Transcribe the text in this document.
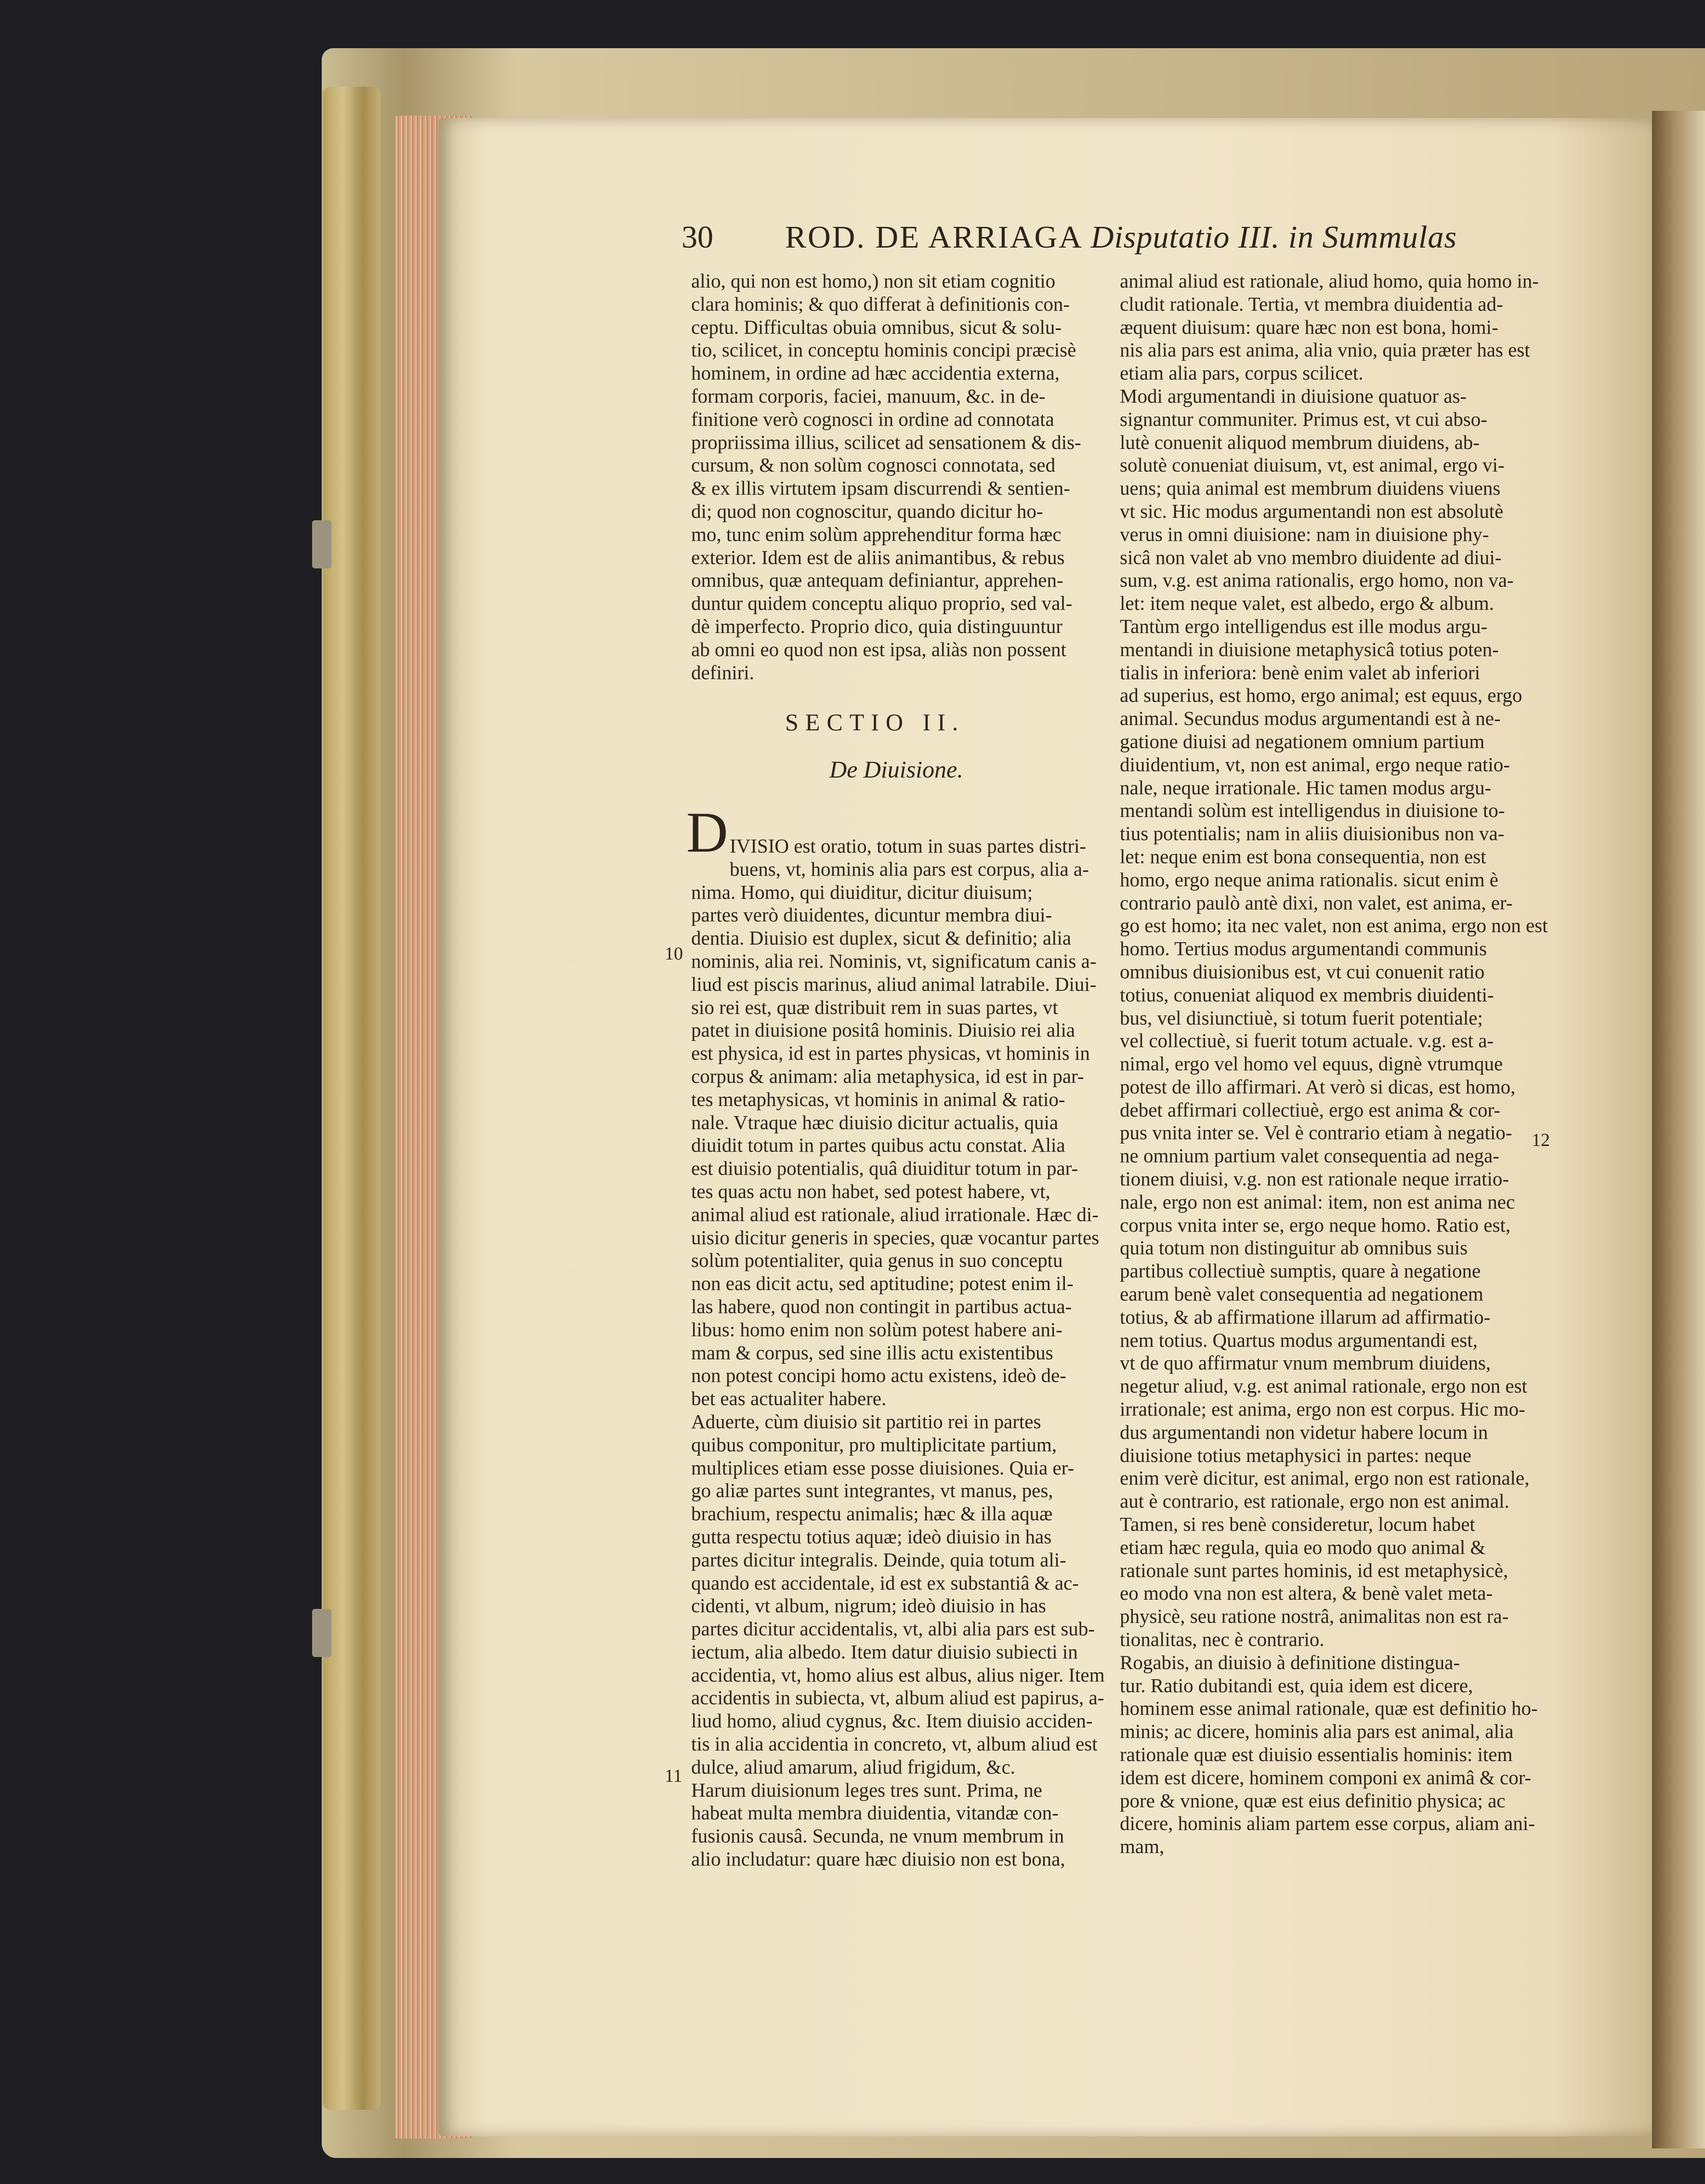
30 ROD. DE ARRIAGA Disputatio III. in Summulas
alio, qui non est homo,) non sit etiam cognitio
clara hominis; & quo differat à definitionis con-
ceptu. Difficultas obuia omnibus, sicut & solu-
tio, scilicet, in conceptu hominis concipi præcisè
hominem, in ordine ad hæc accidentia externa,
formam corporis, faciei, manuum, &c. in de-
finitione verò cognosci in ordine ad connotata
propriissima illius, scilicet ad sensationem & dis-
cursum, & non solùm cognosci connotata, sed
& ex illis virtutem ipsam discurrendi & sentien-
di; quod non cognoscitur, quando dicitur ho-
mo, tunc enim solùm apprehenditur forma hæc
exterior. Idem est de aliis animantibus, & rebus
omnibus, quæ antequam definiantur, apprehen-
duntur quidem conceptu aliquo proprio, sed val-
dè imperfecto. Proprio dico, quia distinguuntur
ab omni eo quod non est ipsa, aliàs non possent
definiri.
SECTIO II.
De Diuisione.
D IVISIO est oratio, totum in suas partes distri-
buens, vt, hominis alia pars est corpus, alia a-
nima. Homo, qui diuiditur, dicitur diuisum;
partes verò diuidentes, dicuntur membra diui-
dentia. Diuisio est duplex, sicut & definitio; alia
nominis, alia rei. Nominis, vt, significatum canis a-
liud est piscis marinus, aliud animal latrabile. Diui-
sio rei est, quæ distribuit rem in suas partes, vt
patet in diuisione positâ hominis. Diuisio rei alia
est physica, id est in partes physicas, vt hominis in
corpus & animam: alia metaphysica, id est in par-
tes metaphysicas, vt hominis in animal & ratio-
nale. Vtraque hæc diuisio dicitur actualis, quia
diuidit totum in partes quibus actu constat. Alia
est diuisio potentialis, quâ diuiditur totum in par-
tes quas actu non habet, sed potest habere, vt,
animal aliud est rationale, aliud irrationale. Hæc di-
uisio dicitur generis in species, quæ vocantur partes
solùm potentialiter, quia genus in suo conceptu
non eas dicit actu, sed aptitudine; potest enim il-
las habere, quod non contingit in partibus actua-
libus: homo enim non solùm potest habere ani-
mam & corpus, sed sine illis actu existentibus
non potest concipi homo actu existens, ideò de-
bet eas actualiter habere.
Aduerte, cùm diuisio sit partitio rei in partes
quibus componitur, pro multiplicitate partium,
multiplices etiam esse posse diuisiones. Quia er-
go aliæ partes sunt integrantes, vt manus, pes,
brachium, respectu animalis; hæc & illa aquæ
gutta respectu totius aquæ; ideò diuisio in has
partes dicitur integralis. Deinde, quia totum ali-
quando est accidentale, id est ex substantiâ & ac-
cidenti, vt album, nigrum; ideò diuisio in has
partes dicitur accidentalis, vt, albi alia pars est sub-
iectum, alia albedo. Item datur diuisio subiecti in
accidentia, vt, homo alius est albus, alius niger. Item
accidentis in subiecta, vt, album aliud est papirus, a-
liud homo, aliud cygnus, &c. Item diuisio acciden-
tis in alia accidentia in concreto, vt, album aliud est
dulce, aliud amarum, aliud frigidum, &c.
Harum diuisionum leges tres sunt. Prima, ne
habeat multa membra diuidentia, vitandæ con-
fusionis causâ. Secunda, ne vnum membrum in
alio includatur: quare hæc diuisio non est bona,
animal aliud est rationale, aliud homo, quia homo in-
cludit rationale. Tertia, vt membra diuidentia ad-
æquent diuisum: quare hæc non est bona, homi-
nis alia pars est anima, alia vnio, quia præter has est
etiam alia pars, corpus scilicet.
Modi argumentandi in diuisione quatuor as-
signantur communiter. Primus est, vt cui abso-
lutè conuenit aliquod membrum diuidens, ab-
solutè conueniat diuisum, vt, est animal, ergo vi-
uens; quia animal est membrum diuidens viuens
vt sic. Hic modus argumentandi non est absolutè
verus in omni diuisione: nam in diuisione phy-
sicâ non valet ab vno membro diuidente ad diui-
sum, v.g. est anima rationalis, ergo homo, non va-
let: item neque valet, est albedo, ergo & album.
Tantùm ergo intelligendus est ille modus argu-
mentandi in diuisione metaphysicâ totius poten-
tialis in inferiora: benè enim valet ab inferiori
ad superius, est homo, ergo animal; est equus, ergo
animal. Secundus modus argumentandi est à ne-
gatione diuisi ad negationem omnium partium
diuidentium, vt, non est animal, ergo neque ratio-
nale, neque irrationale. Hic tamen modus argu-
mentandi solùm est intelligendus in diuisione to-
tius potentialis; nam in aliis diuisionibus non va-
let: neque enim est bona consequentia, non est
homo, ergo neque anima rationalis. sicut enim è
contrario paulò antè dixi, non valet, est anima, er-
go est homo; ita nec valet, non est anima, ergo non est
homo. Tertius modus argumentandi communis
omnibus diuisionibus est, vt cui conuenit ratio
totius, conueniat aliquod ex membris diuidenti-
bus, vel disiunctiuè, si totum fuerit potentiale;
vel collectiuè, si fuerit totum actuale. v.g. est a-
nimal, ergo vel homo vel equus, dignè vtrumque
potest de illo affirmari. At verò si dicas, est homo,
debet affirmari collectiuè, ergo est anima & cor-
pus vnita inter se. Vel è contrario etiam à negatio-
ne omnium partium valet consequentia ad nega-
tionem diuisi, v.g. non est rationale neque irratio-
nale, ergo non est animal: item, non est anima nec
corpus vnita inter se, ergo neque homo. Ratio est,
quia totum non distinguitur ab omnibus suis
partibus collectiuè sumptis, quare à negatione
earum benè valet consequentia ad negationem
totius, & ab affirmatione illarum ad affirmatio-
nem totius. Quartus modus argumentandi est,
vt de quo affirmatur vnum membrum diuidens,
negetur aliud, v.g. est animal rationale, ergo non est
irrationale; est anima, ergo non est corpus. Hic mo-
dus argumentandi non videtur habere locum in
diuisione totius metaphysici in partes: neque
enim verè dicitur, est animal, ergo non est rationale,
aut è contrario, est rationale, ergo non est animal.
Tamen, si res benè consideretur, locum habet
etiam hæc regula, quia eo modo quo animal &
rationale sunt partes hominis, id est metaphysicè,
eo modo vna non est altera, & benè valet meta-
physicè, seu ratione nostrâ, animalitas non est ra-
tionalitas, nec è contrario.
Rogabis, an diuisio à definitione distingua-
tur. Ratio dubitandi est, quia idem est dicere,
hominem esse animal rationale, quæ est definitio ho-
minis; ac dicere, hominis alia pars est animal, alia
rationale quæ est diuisio essentialis hominis: item
idem est dicere, hominem componi ex animâ & cor-
pore & vnione, quæ est eius definitio physica; ac
dicere, hominis aliam partem esse corpus, aliam ani-
mam,
10
11
12
